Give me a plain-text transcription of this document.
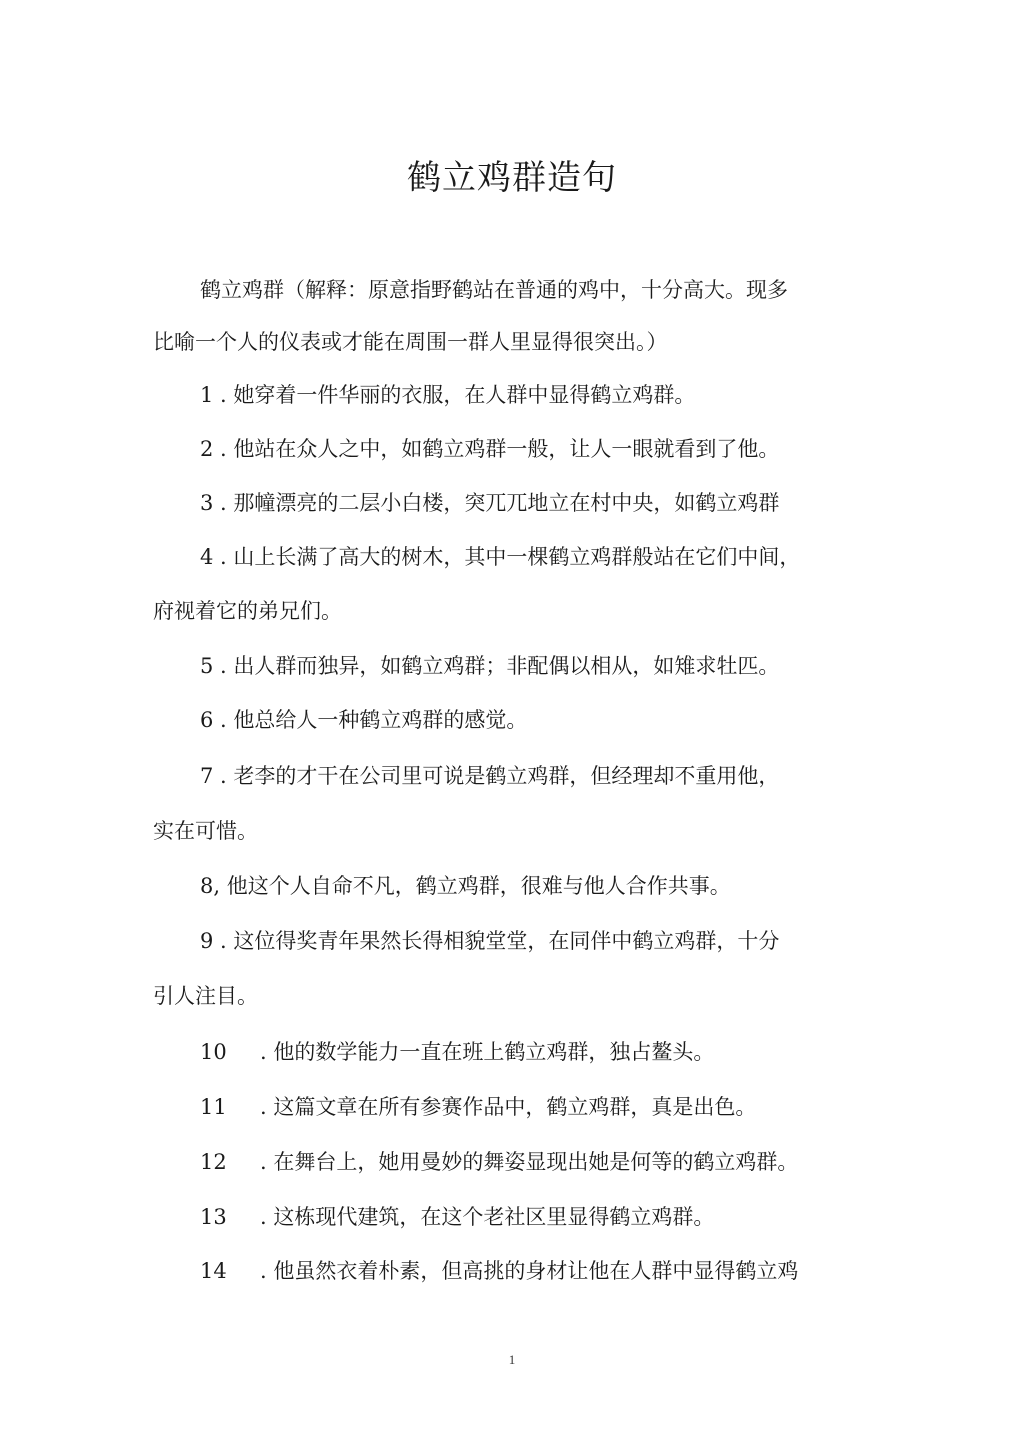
鹤立鸡群造句
鹤立鸡群（解释：原意指野鹤站在普通的鸡中，十分高大。现多
比喻一个人的仪表或才能在周围一群人里显得很突出。）
1 . 她穿着一件华丽的衣服，在人群中显得鹤立鸡群。
2 . 他站在众人之中，如鹤立鸡群一般，让人一眼就看到了他。
3 . 那幢漂亮的二层小白楼，突兀兀地立在村中央，如鹤立鸡群
4 . 山上长满了高大的树木，其中一棵鹤立鸡群般站在它们中间，
府视着它的弟兄们。
5 . 出人群而独异，如鹤立鸡群；非配偶以相从，如雉求牡匹。
6 . 他总给人一种鹤立鸡群的感觉。
7 . 老李的才干在公司里可说是鹤立鸡群，但经理却不重用他，
实在可惜。
8, 他这个人自命不凡，鹤立鸡群，很难与他人合作共事。
9 . 这位得奖青年果然长得相貌堂堂，在同伴中鹤立鸡群，十分
引人注目。
10 . 他的数学能力一直在班上鹤立鸡群，独占鳌头。
11 . 这篇文章在所有参赛作品中，鹤立鸡群，真是出色。
12 . 在舞台上，她用曼妙的舞姿显现出她是何等的鹤立鸡群。
13 . 这栋现代建筑，在这个老社区里显得鹤立鸡群。
14 . 他虽然衣着朴素，但高挑的身材让他在人群中显得鹤立鸡
1
